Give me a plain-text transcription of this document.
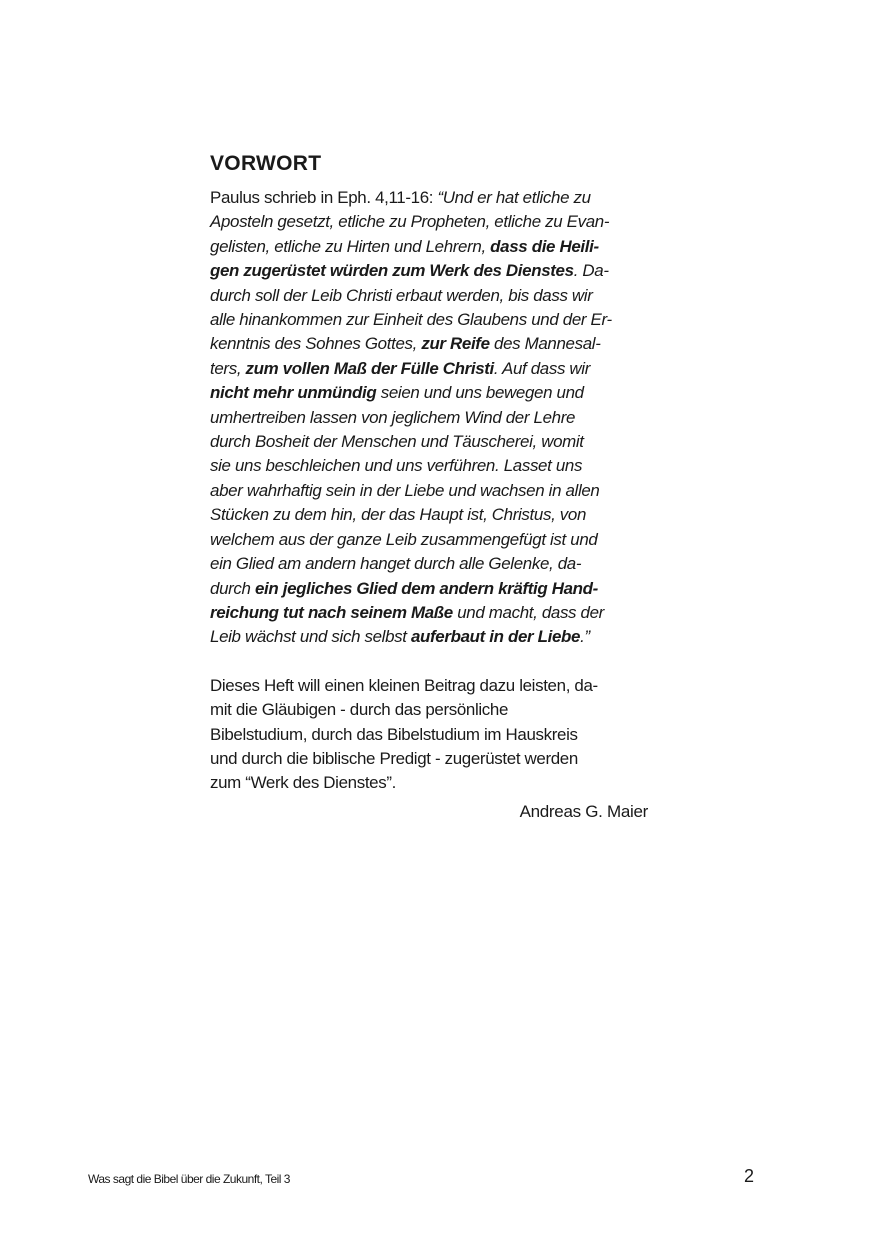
VORWORT
Paulus schrieb in Eph. 4,11-16: “Und er hat etliche zu
Aposteln gesetzt, etliche zu Propheten, etliche zu Evan-
gelisten, etliche zu Hirten und Lehrern, dass die Heili-
gen zugerüstet würden zum Werk des Dienstes. Da-
durch soll der Leib Christi erbaut werden, bis dass wir
alle hinankommen zur Einheit des Glaubens und der Er-
kenntnis des Sohnes Gottes, zur Reife des Mannesal-
ters, zum vollen Maß der Fülle Christi. Auf dass wir
nicht mehr unmündig seien und uns bewegen und
umhertreiben lassen von jeglichem Wind der Lehre
durch Bosheit der Menschen und Täuscherei, womit
sie uns beschleichen und uns verführen. Lasset uns
aber wahrhaftig sein in der Liebe und wachsen in allen
Stücken zu dem hin, der das Haupt ist, Christus, von
welchem aus der ganze Leib zusammengefügt ist und
ein Glied am andern hanget durch alle Gelenke, da-
durch ein jegliches Glied dem andern kräftig Hand-
reichung tut nach seinem Maße und macht, dass der
Leib wächst und sich selbst auferbaut in der Liebe.”
Dieses Heft will einen kleinen Beitrag dazu leisten, da-
mit die Gläubigen - durch das persönliche
Bibelstudium, durch das Bibelstudium im Hauskreis
und durch die biblische Predigt - zugerüstet werden
zum “Werk des Dienstes”.
Andreas G. Maier
Was sagt die Bibel über die Zukunft, Teil 3	2
